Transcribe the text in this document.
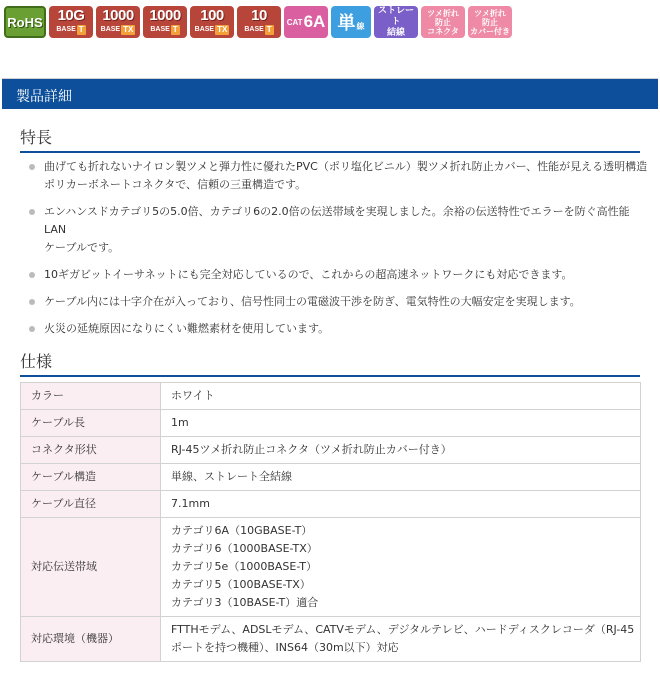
RoHS 10G
BASE T
1000
BASE TX
1000
BASE T
100
BASE TX
10
BASE T
CAT 6A 単 線
ストレート
結線
ツメ折れ
防止
コネクタ
ツメ折れ
防止
カバー付き
製品詳細
特長
曲げても折れないナイロン製ツメと弾力性に優れたPVC（ポリ塩化ビニル）製ツメ折れ防止カバー、性能が見える透明構造
ポリカーボネートコネクタで、信頼の三重構造です。
エンハンスドカテゴリ5の5.0倍、カテゴリ6の2.0倍の伝送帯域を実現しました。余裕の伝送特性でエラーを防ぐ高性能LAN
ケーブルです。
10ギガビットイーサネットにも完全対応しているので、これからの超高速ネットワークにも対応できます。
ケーブル内には十字介在が入っており、信号性同士の電磁波干渉を防ぎ、電気特性の大幅安定を実現します。
火災の延焼原因になりにくい難燃素材を使用しています。
仕様
カラー	ホワイト
ケーブル長	1m
コネクタ形状	RJ-45ツメ折れ防止コネクタ（ツメ折れ防止カバー付き）
ケーブル構造	単線、ストレート全結線
ケーブル直径	7.1mm
対応伝送帯域	カテゴリ6A（10GBASE-T）
カテゴリ6（1000BASE-TX）
カテゴリ5e（1000BASE-T）
カテゴリ5（100BASE-TX）
カテゴリ3（10BASE-T）適合

対応環境（機器）	FTTHモデム、ADSLモデム、CATVモデム、デジタルテレビ、ハードディスクレコーダ（RJ-45
ポートを持つ機種）、INS64（30m以下）対応
